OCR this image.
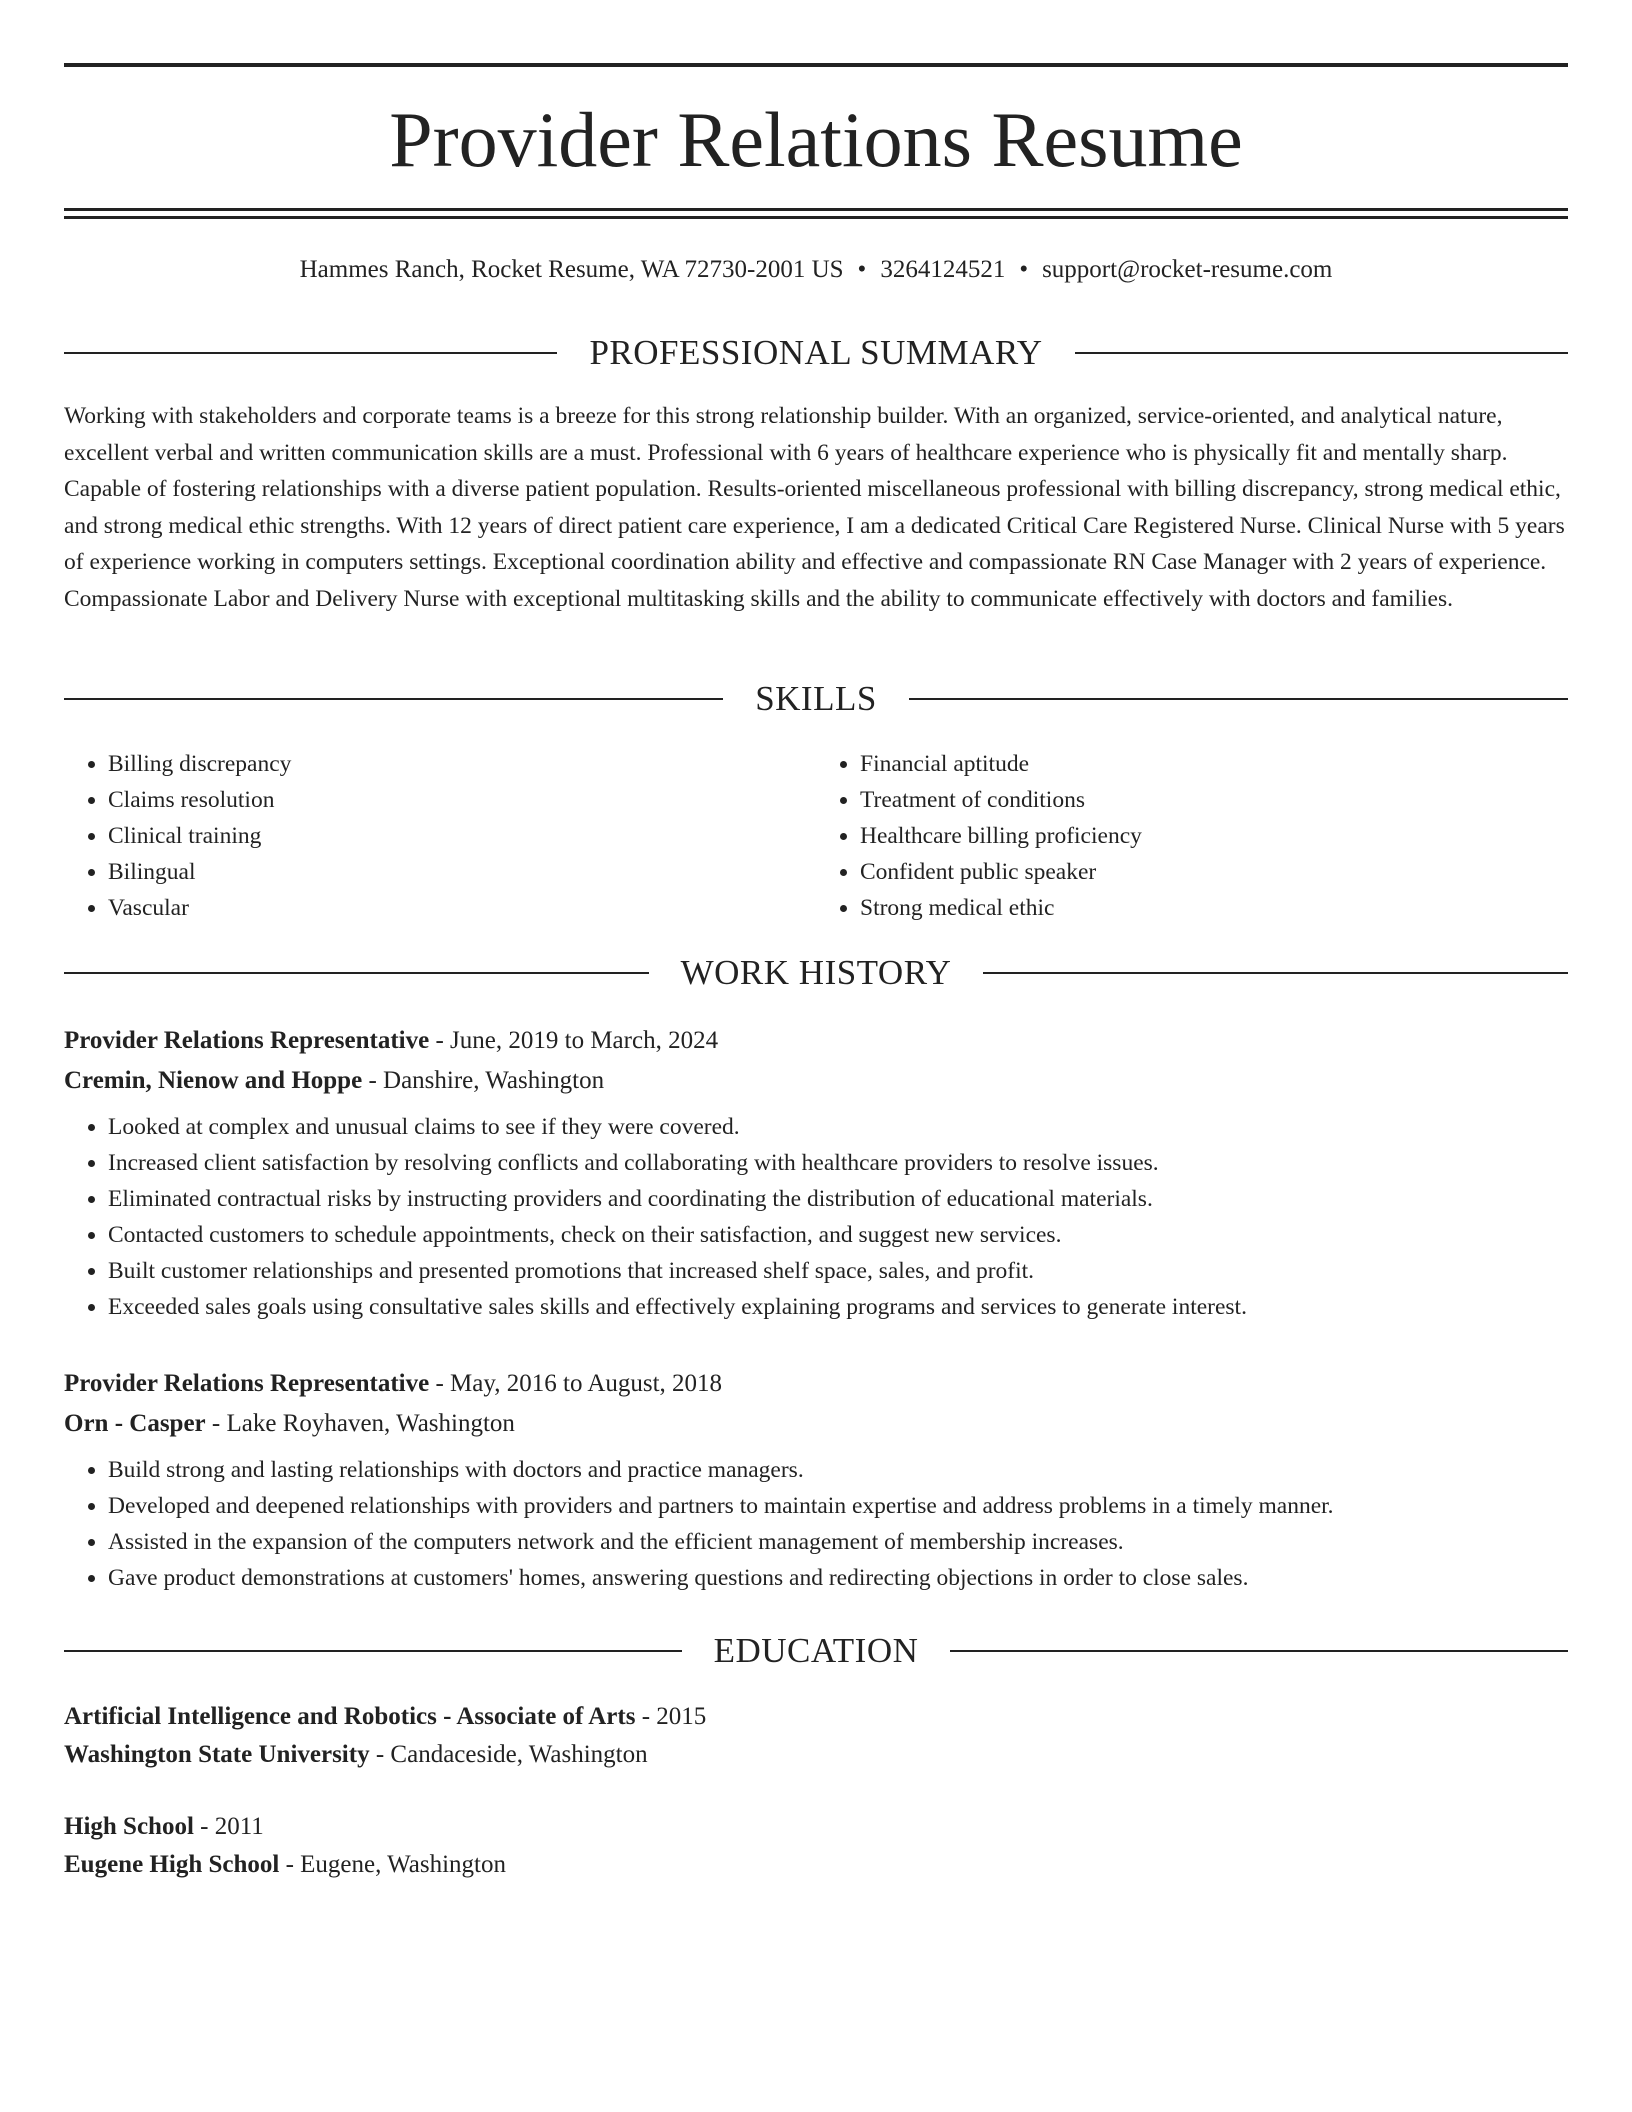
Provider Relations Resume
Hammes Ranch, Rocket Resume, WA 72730-2001 US • 3264124521 • support@rocket-resume.com
PROFESSIONAL SUMMARY
Working with stakeholders and corporate teams is a breeze for this strong relationship builder. With an organized, service-oriented, and analytical nature, excellent verbal and written communication skills are a must. Professional with 6 years of healthcare experience who is physically fit and mentally sharp. Capable of fostering relationships with a diverse patient population. Results-oriented miscellaneous professional with billing discrepancy, strong medical ethic, and strong medical ethic strengths. With 12 years of direct patient care experience, I am a dedicated Critical Care Registered Nurse. Clinical Nurse with 5 years of experience working in computers settings. Exceptional coordination ability and effective and compassionate RN Case Manager with 2 years of experience. Compassionate Labor and Delivery Nurse with exceptional multitasking skills and the ability to communicate effectively with doctors and families.
SKILLS
• Billing discrepancy
• Claims resolution
• Clinical training
• Bilingual
• Vascular
• Financial aptitude
• Treatment of conditions
• Healthcare billing proficiency
• Confident public speaker
• Strong medical ethic
WORK HISTORY
Provider Relations Representative - June, 2019 to March, 2024
Cremin, Nienow and Hoppe - Danshire, Washington
• Looked at complex and unusual claims to see if they were covered.
• Increased client satisfaction by resolving conflicts and collaborating with healthcare providers to resolve issues.
• Eliminated contractual risks by instructing providers and coordinating the distribution of educational materials.
• Contacted customers to schedule appointments, check on their satisfaction, and suggest new services.
• Built customer relationships and presented promotions that increased shelf space, sales, and profit.
• Exceeded sales goals using consultative sales skills and effectively explaining programs and services to generate interest.
Provider Relations Representative - May, 2016 to August, 2018
Orn - Casper - Lake Royhaven, Washington
• Build strong and lasting relationships with doctors and practice managers.
• Developed and deepened relationships with providers and partners to maintain expertise and address problems in a timely manner.
• Assisted in the expansion of the computers network and the efficient management of membership increases.
• Gave product demonstrations at customers' homes, answering questions and redirecting objections in order to close sales.
EDUCATION
Artificial Intelligence and Robotics - Associate of Arts - 2015
Washington State University - Candaceside, Washington
High School - 2011
Eugene High School - Eugene, Washington
